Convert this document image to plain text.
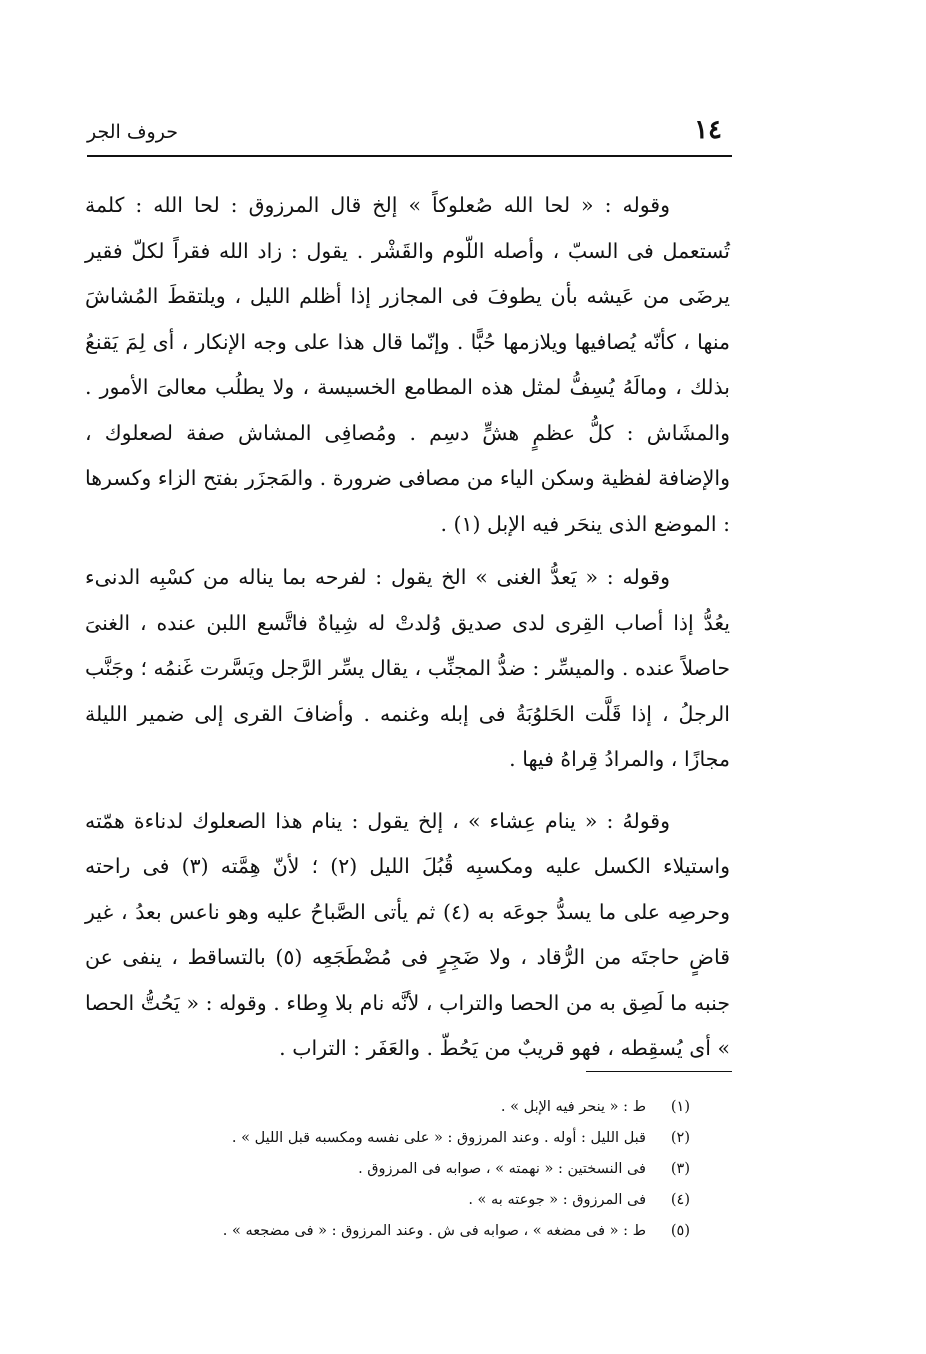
١٤
حروف الجر

وقوله : « لحا الله صُعلوكاً » إلخ قال المرزوق : لحا الله : كلمة تُستعمل فى السبّ ، وأصله اللّوم والقَشْر . يقول : زاد الله فقراً لكلّ فقير يرضَى من عَيشه بأن يطوفَ فى المجازر إذا أظلم الليل ، ويلتقطَ المُشاشَ منها ، كأنّه يُصافيها ويلازمها حُبًّا . وإنّما قال هذا على وجه الإنكار ، أى لِمَ يَقنعُ بذلك ، ومالَهُ يُسِفُّ لمثل هذه المطامع الخسيسة ، ولا يطلُب معالىَ الأمور . والمشَاش : كلُّ عظمٍ هشٍّ دسِم . ومُصافِى المشاش صفة لصعلوك ، والإضافة لفظية وسكن الياء من مصافى ضرورة . والمَجزَر بفتح الزاء وكسرها : الموضع الذى ينحَر فيه الإبل (١) .

وقوله : « يَعدُّ الغنى » الخ يقول : لفرحه بما يناله من كسْبِه الدنىء يعُدُّ إذا أصاب القِرى لدى صديق وُلدتْ له شِياهٌ فاتَّسع اللبن عنده ، الغنىَ حاصلاً عنده . والميسِّر : ضدُّ المجنِّب ، يقال يسِّر الرَّجل ويَسَّرت غَنمُه ؛ وجَنَّب الرجلُ ، إذا قَلَّت الحَلوُبَةُ فى إبله وغنمه . وأضافَ القرى إلى ضمير الليلة مجازًا ، والمرادُ قِراهُ فيها .

وقولهُ : « ينام عِشاء » ، إلخ يقول : ينام هذا الصعلوك لدناءة همّته واستيلاء الكسل عليه ومكسبِه قُبُلَ الليل (٢) ؛ لأنّ هِمَّته (٣) فى راحته وحرصِه على ما يسدُّ جوعَه به (٤) ثم يأتى الصَّباحُ عليه وهو ناعس بعدُ ، غير قاضٍ حاجتَه من الرُّقاد ، ولا ضَجِرٍ فى مُضْطَجَعِه (٥) بالتساقط ، ينفى عن جنبه ما لَصِق به من الحصا والتراب ، لأنَّه نام بلا وِطاء . وقوله : « يَحُتُّ الحصا » أى يُسقِطه ، فهو قريبٌ من يَحُطّ . والعَفَر : التراب .

(١)
ط : « ينحر فيه الإبل » .
(٢)
قبل الليل : أوله . وعند المرزوق : « على نفسه ومكسبه قبل الليل » .
(٣)
فى النسختين : « نهمته » ، صوابه فى المرزوق .
(٤)
فى المرزوق : « جوعته به » .
(٥)
ط : « فى مضغه » ، صوابه فى ش . وعند المرزوق : « فى مضجعه » .
